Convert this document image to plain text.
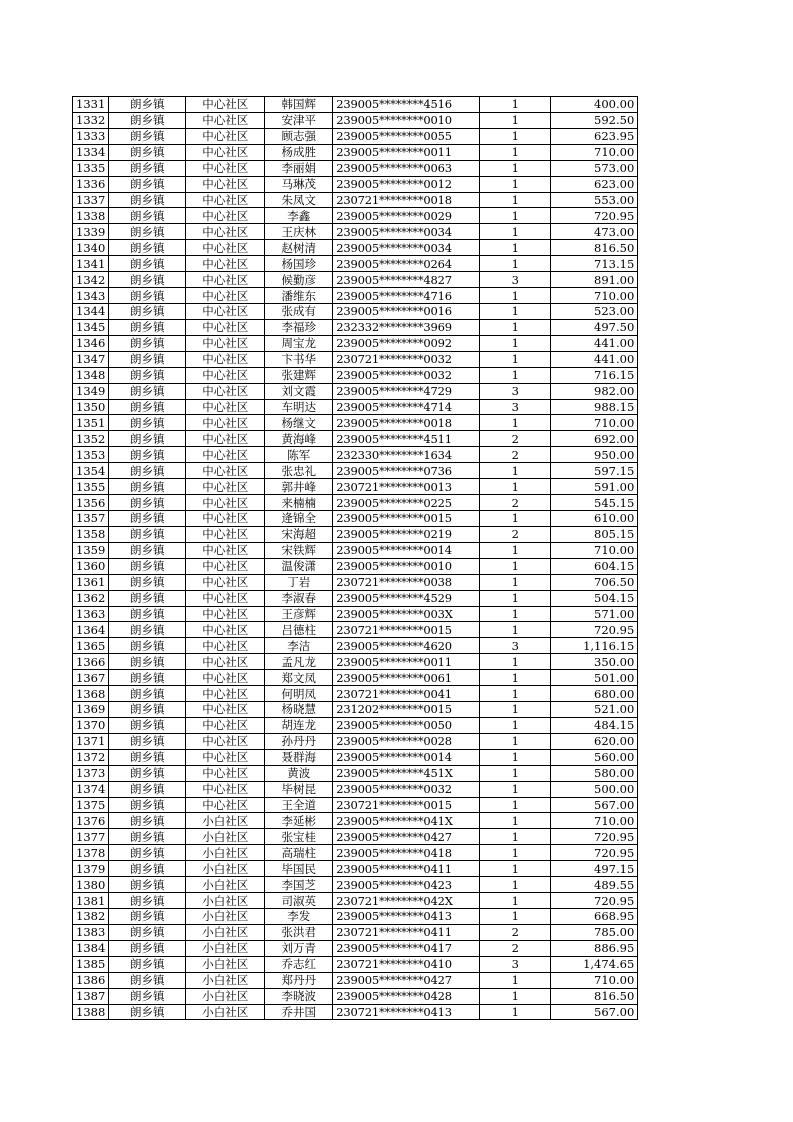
1331	朗乡镇	中心社区	韩国辉	239005********4516	1	400.00
1332	朗乡镇	中心社区	安津平	239005********0010	1	592.50
1333	朗乡镇	中心社区	顾志强	239005********0055	1	623.95
1334	朗乡镇	中心社区	杨成胜	239005********0011	1	710.00
1335	朗乡镇	中心社区	李丽娟	239005********0063	1	573.00
1336	朗乡镇	中心社区	马琳茂	239005********0012	1	623.00
1337	朗乡镇	中心社区	朱凤文	230721********0018	1	553.00
1338	朗乡镇	中心社区	李鑫	239005********0029	1	720.95
1339	朗乡镇	中心社区	王庆林	239005********0034	1	473.00
1340	朗乡镇	中心社区	赵树清	239005********0034	1	816.50
1341	朗乡镇	中心社区	杨国珍	239005********0264	1	713.15
1342	朗乡镇	中心社区	候勤彦	239005********4827	3	891.00
1343	朗乡镇	中心社区	潘维东	239005********4716	1	710.00
1344	朗乡镇	中心社区	张成有	239005********0016	1	523.00
1345	朗乡镇	中心社区	李福珍	232332********3969	1	497.50
1346	朗乡镇	中心社区	周宝龙	239005********0092	1	441.00
1347	朗乡镇	中心社区	卞书华	230721********0032	1	441.00
1348	朗乡镇	中心社区	张建辉	239005********0032	1	716.15
1349	朗乡镇	中心社区	刘文霞	239005********4729	3	982.00
1350	朗乡镇	中心社区	车明达	239005********4714	3	988.15
1351	朗乡镇	中心社区	杨继文	239005********0018	1	710.00
1352	朗乡镇	中心社区	黄海峰	239005********4511	2	692.00
1353	朗乡镇	中心社区	陈军	232330********1634	2	950.00
1354	朗乡镇	中心社区	张忠礼	239005********0736	1	597.15
1355	朗乡镇	中心社区	郭井峰	230721********0013	1	591.00
1356	朗乡镇	中心社区	来楠楠	239005********0225	2	545.15
1357	朗乡镇	中心社区	逄锦全	239005********0015	1	610.00
1358	朗乡镇	中心社区	宋海超	239005********0219	2	805.15
1359	朗乡镇	中心社区	宋铁辉	239005********0014	1	710.00
1360	朗乡镇	中心社区	温俊潇	239005********0010	1	604.15
1361	朗乡镇	中心社区	丁岩	230721********0038	1	706.50
1362	朗乡镇	中心社区	李淑春	239005********4529	1	504.15
1363	朗乡镇	中心社区	王彦辉	239005********003X	1	571.00
1364	朗乡镇	中心社区	吕德柱	230721********0015	1	720.95
1365	朗乡镇	中心社区	李洁	239005********4620	3	1,116.15
1366	朗乡镇	中心社区	孟凡龙	239005********0011	1	350.00
1367	朗乡镇	中心社区	郑文凤	239005********0061	1	501.00
1368	朗乡镇	中心社区	何明凤	230721********0041	1	680.00
1369	朗乡镇	中心社区	杨晓慧	231202********0015	1	521.00
1370	朗乡镇	中心社区	胡连龙	239005********0050	1	484.15
1371	朗乡镇	中心社区	孙丹丹	239005********0028	1	620.00
1372	朗乡镇	中心社区	聂群海	239005********0014	1	560.00
1373	朗乡镇	中心社区	黄波	239005********451X	1	580.00
1374	朗乡镇	中心社区	毕树昆	239005********0032	1	500.00
1375	朗乡镇	中心社区	王全道	230721********0015	1	567.00
1376	朗乡镇	小白社区	李延彬	239005********041X	1	710.00
1377	朗乡镇	小白社区	张宝桂	239005********0427	1	720.95
1378	朗乡镇	小白社区	高瑞柱	239005********0418	1	720.95
1379	朗乡镇	小白社区	毕国民	239005********0411	1	497.15
1380	朗乡镇	小白社区	李国芝	239005********0423	1	489.55
1381	朗乡镇	小白社区	司淑英	230721********042X	1	720.95
1382	朗乡镇	小白社区	李发	239005********0413	1	668.95
1383	朗乡镇	小白社区	张洪君	230721********0411	2	785.00
1384	朗乡镇	小白社区	刘万青	239005********0417	2	886.95
1385	朗乡镇	小白社区	乔志红	230721********0410	3	1,474.65
1386	朗乡镇	小白社区	郑丹丹	239005********0427	1	710.00
1387	朗乡镇	小白社区	李晓波	239005********0428	1	816.50
1388	朗乡镇	小白社区	乔井国	230721********0413	1	567.00
